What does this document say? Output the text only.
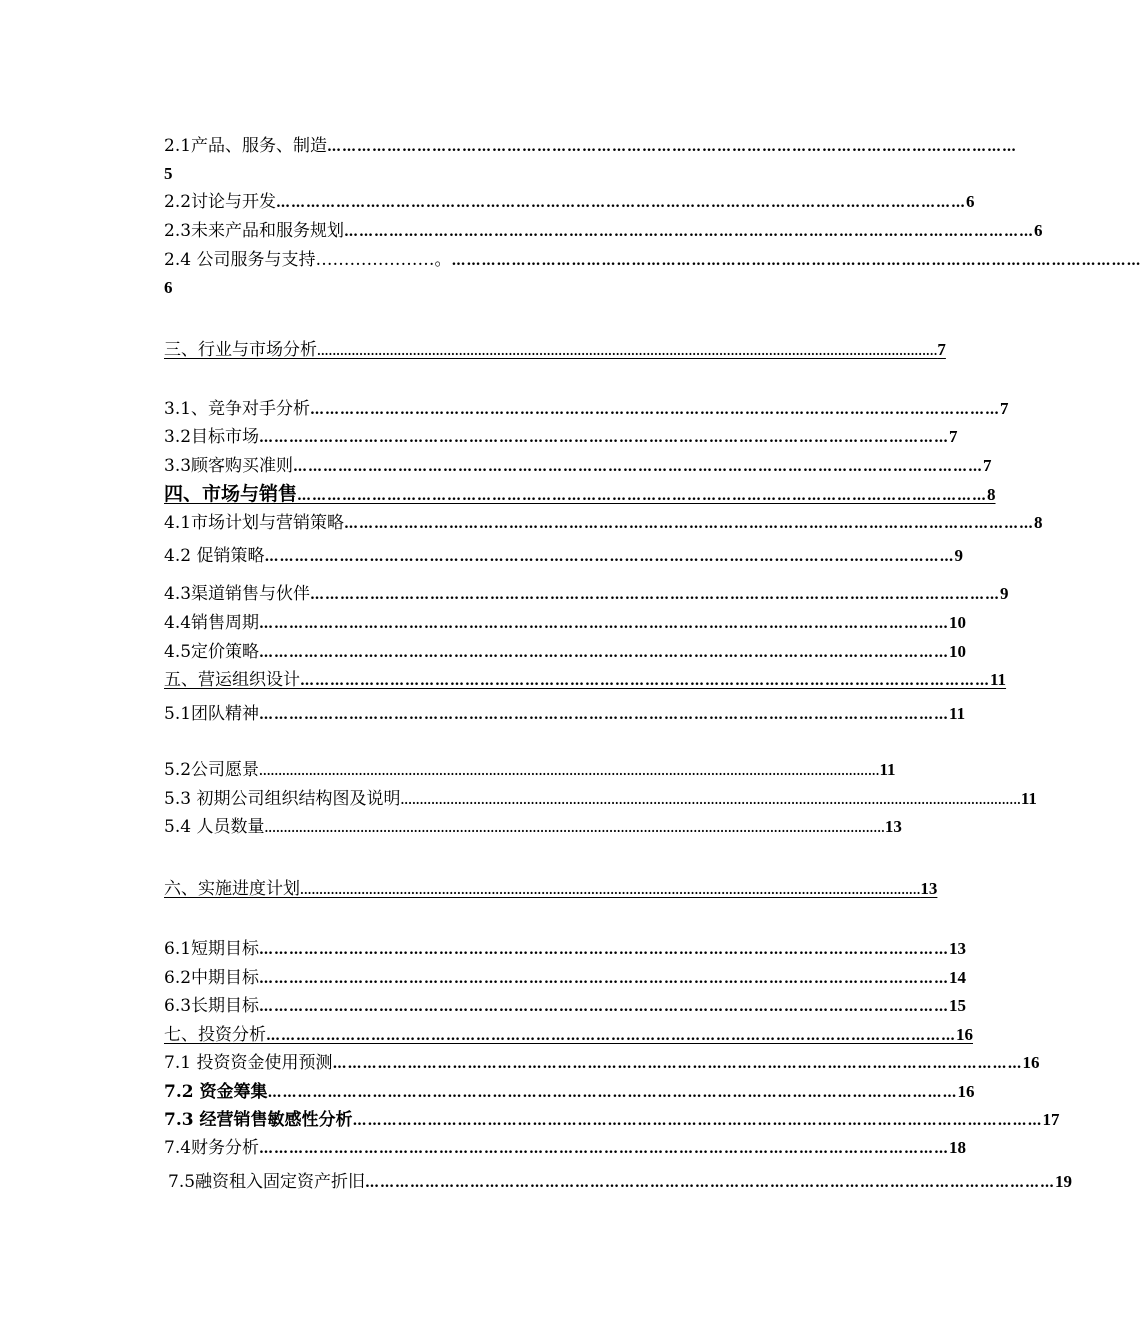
2.1产品、服务、制造 …………………………………………………………………………………………………………………………
5
2.2讨论与开发 ………………………………………………………………………………………………………………………… 6
2.3未来产品和服务规划 ………………………………………………………………………………………………………………………… 6
2.4 公司服务与支持…………………。 …………………………………………………………………………………………………………………………
6
三、行业与市场分析 .................................................................................................................................................................. 7
3.1、竞争对手分析 ………………………………………………………………………………………………………………………… 7
3.2目标市场 ………………………………………………………………………………………………………………………… 7
3.3顾客购买准则 ………………………………………………………………………………………………………………………… 7
四、市场与销售 ………………………………………………………………………………………………………………………… 8
4.1市场计划与营销策略 ………………………………………………………………………………………………………………………… 8
4.2 促销策略 ………………………………………………………………………………………………………………………… 9
4.3渠道销售与伙伴 ………………………………………………………………………………………………………………………… 9
4.4销售周期 ………………………………………………………………………………………………………………………… 10
4.5定价策略 ………………………………………………………………………………………………………………………… 10
五、营运组织设计 ………………………………………………………………………………………………………………………… 11
5.1团队精神 ………………………………………………………………………………………………………………………… 11
5.2公司愿景 .................................................................................................................................................................. 11
5.3 初期公司组织结构图及说明 .................................................................................................................................................................. 11
5.4 人员数量 .................................................................................................................................................................. 13
六、实施进度计划 .................................................................................................................................................................. 13
6.1短期目标 ………………………………………………………………………………………………………………………… 13
6.2中期目标 ………………………………………………………………………………………………………………………… 14
6.3长期目标 ………………………………………………………………………………………………………………………… 15
七、投资分析 ………………………………………………………………………………………………………………………… 16
7.1 投资资金使用预测 ………………………………………………………………………………………………………………………… 16
7.2 资金筹集 ………………………………………………………………………………………………………………………… 16
7.3 经营销售敏感性分析 ………………………………………………………………………………………………………………………… 17
7.4财务分析 ………………………………………………………………………………………………………………………… 18
7.5融资租入固定资产折旧 ………………………………………………………………………………………………………………………… 19
